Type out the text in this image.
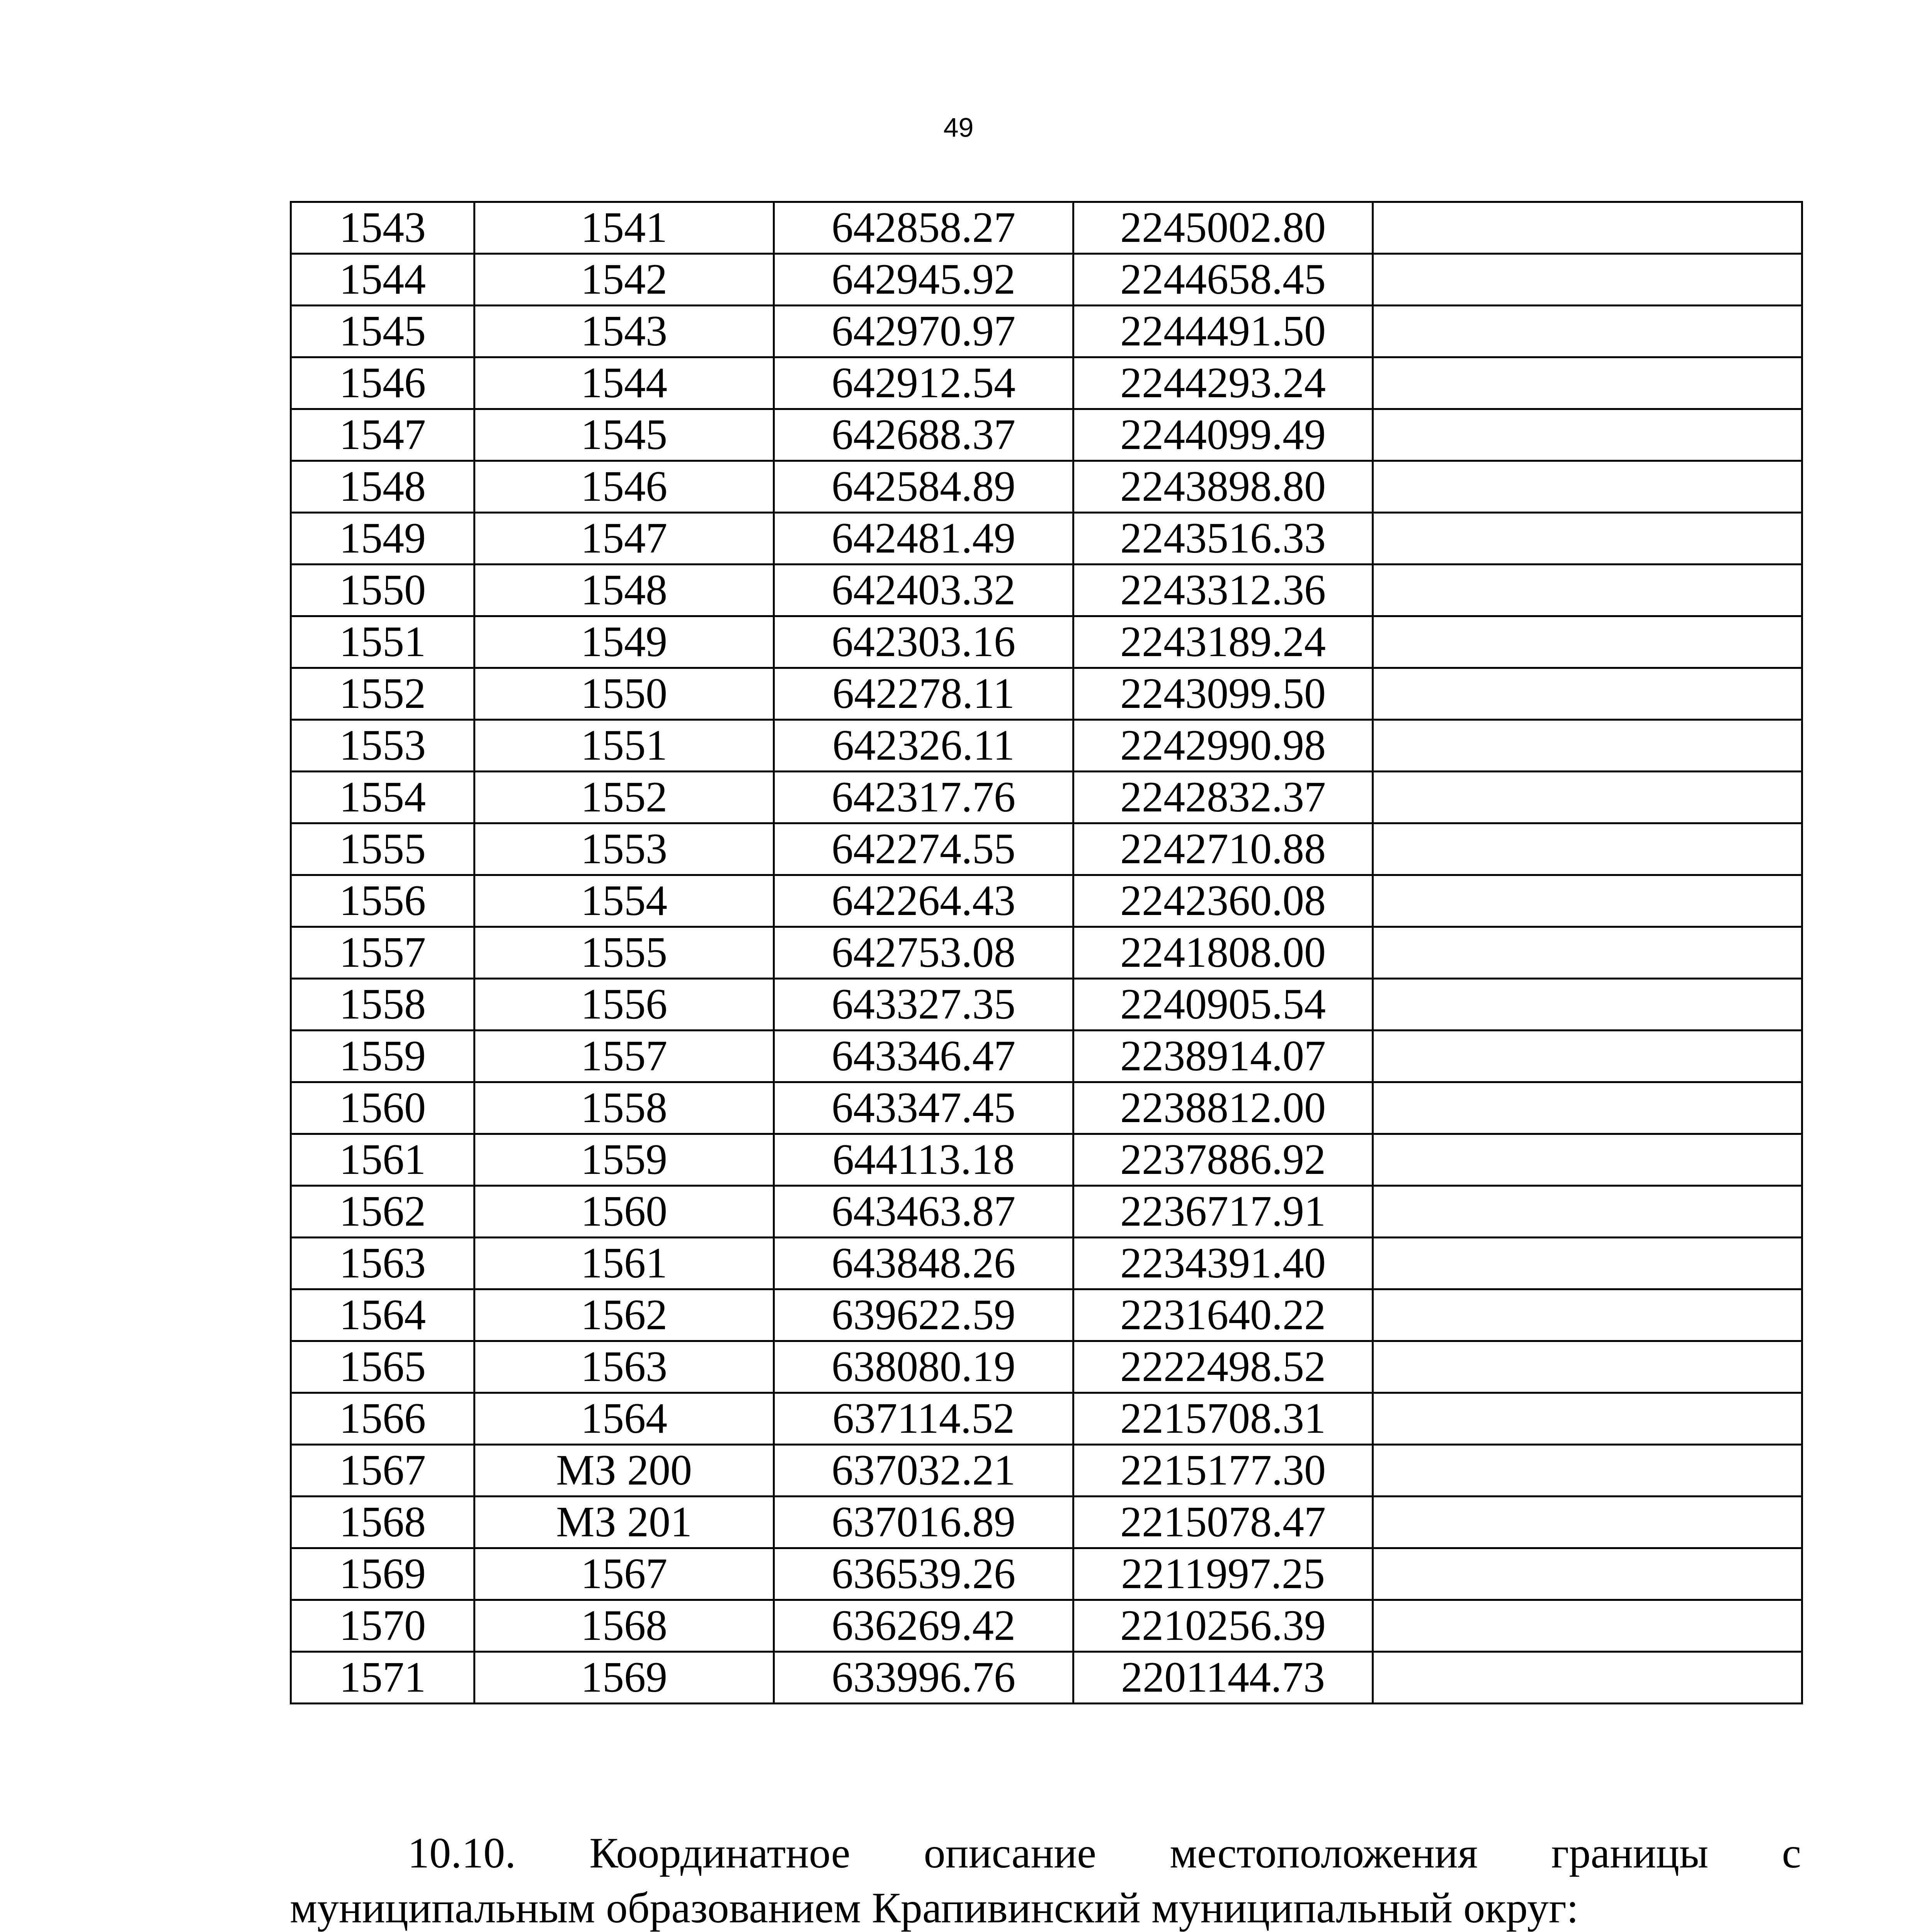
49
1543	1541	642858.27	2245002.80	
1544	1542	642945.92	2244658.45	
1545	1543	642970.97	2244491.50	
1546	1544	642912.54	2244293.24	
1547	1545	642688.37	2244099.49	
1548	1546	642584.89	2243898.80	
1549	1547	642481.49	2243516.33	
1550	1548	642403.32	2243312.36	
1551	1549	642303.16	2243189.24	
1552	1550	642278.11	2243099.50	
1553	1551	642326.11	2242990.98	
1554	1552	642317.76	2242832.37	
1555	1553	642274.55	2242710.88	
1556	1554	642264.43	2242360.08	
1557	1555	642753.08	2241808.00	
1558	1556	643327.35	2240905.54	
1559	1557	643346.47	2238914.07	
1560	1558	643347.45	2238812.00	
1561	1559	644113.18	2237886.92	
1562	1560	643463.87	2236717.91	
1563	1561	643848.26	2234391.40	
1564	1562	639622.59	2231640.22	
1565	1563	638080.19	2222498.52	
1566	1564	637114.52	2215708.31	
1567	МЗ 200	637032.21	2215177.30	
1568	МЗ 201	637016.89	2215078.47	
1569	1567	636539.26	2211997.25	
1570	1568	636269.42	2210256.39	
1571	1569	633996.76	2201144.73	
10.10. Координатное описание местоположения границы с
муниципальным образованием Крапивинский муниципальный округ:
